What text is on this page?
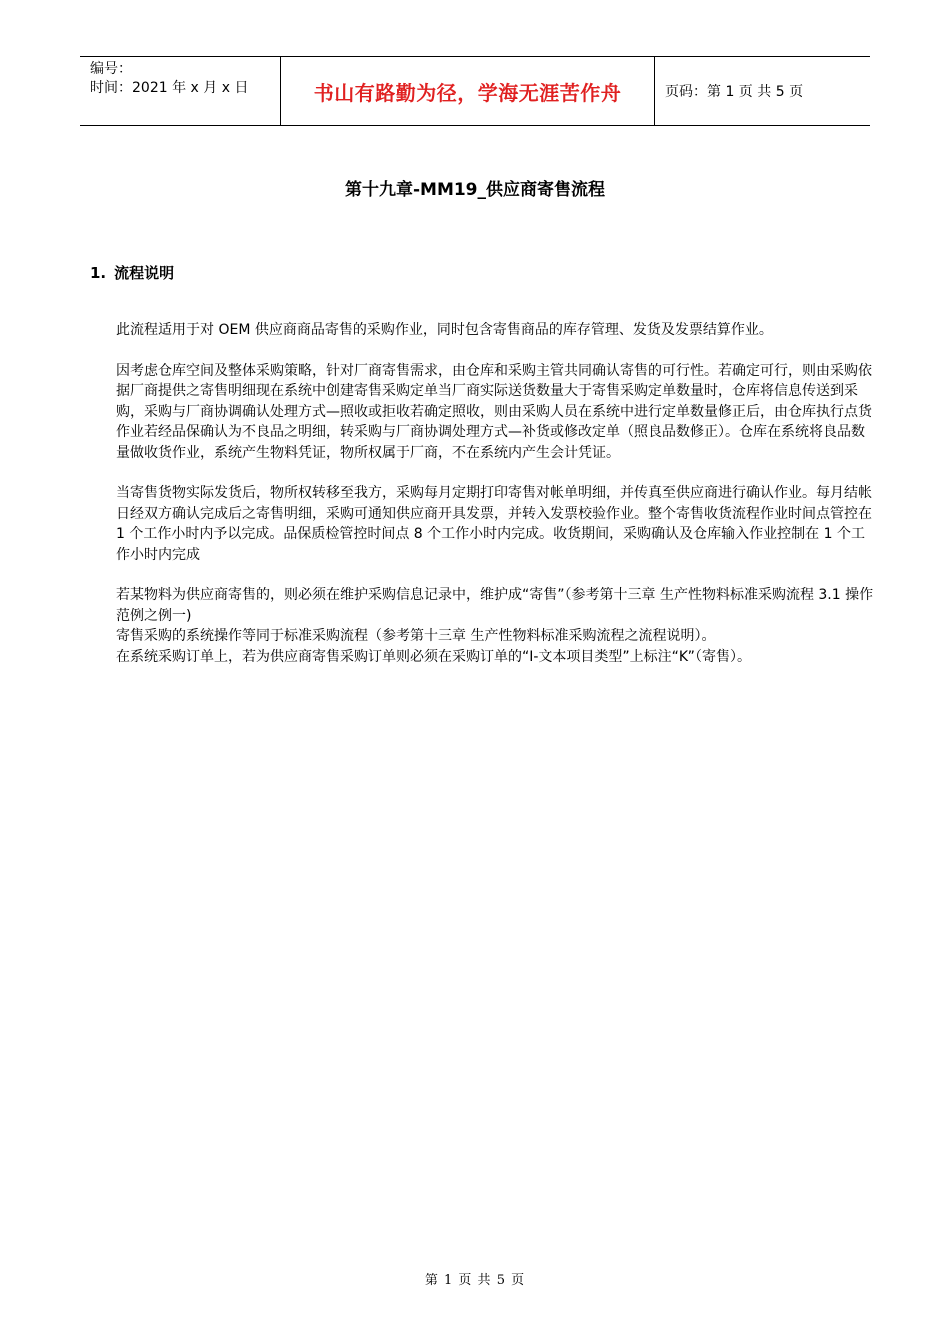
编号：
时间：2021 年 x 月 x 日	书山有路勤为径，学海无涯苦作舟	页码：第 1 页 共 5 页
第十九章-MM19_供应商寄售流程
1. 流程说明

此流程适用于对 OEM 供应商商品寄售的采购作业，同时包含寄售商品的库存管理、发货及发票结算作业。

因考虑仓库空间及整体采购策略，针对厂商寄售需求，由仓库和采购主管共同确认寄售的可行性。若确定可行，则由采购依据厂商提供之寄售明细现在系统中创建寄售采购定单当厂商实际送货数量大于寄售采购定单数量时，仓库将信息传送到采购，采购与厂商协调确认处理方式—照收或拒收若确定照收，则由采购人员在系统中进行定单数量修正后，由仓库执行点货作业若经品保确认为不良品之明细，转采购与厂商协调处理方式—补货或修改定单（照良品数修正）。仓库在系统将良品数量做收货作业，系统产生物料凭证，物所权属于厂商，不在系统内产生会计凭证。

当寄售货物实际发货后，物所权转移至我方，采购每月定期打印寄售对帐单明细，并传真至供应商进行确认作业。每月结帐日经双方确认完成后之寄售明细，采购可通知供应商开具发票，并转入发票校验作业。整个寄售收货流程作业时间点管控在 1 个工作小时内予以完成。品保质检管控时间点 8 个工作小时内完成。收货期间，采购确认及仓库输入作业控制在 1 个工作小时内完成

若某物料为供应商寄售的，则必须在维护采购信息记录中，维护成“寄售”（参考第十三章 生产性物料标准采购流程 3.1 操作范例之例一)

寄售采购的系统操作等同于标准采购流程（参考第十三章 生产性物料标准采购流程之流程说明）。

在系统采购订单上，若为供应商寄售采购订单则必须在采购订单的“I-文本项目类型”上标注“K”（寄售）。

第 1 页 共 5 页
